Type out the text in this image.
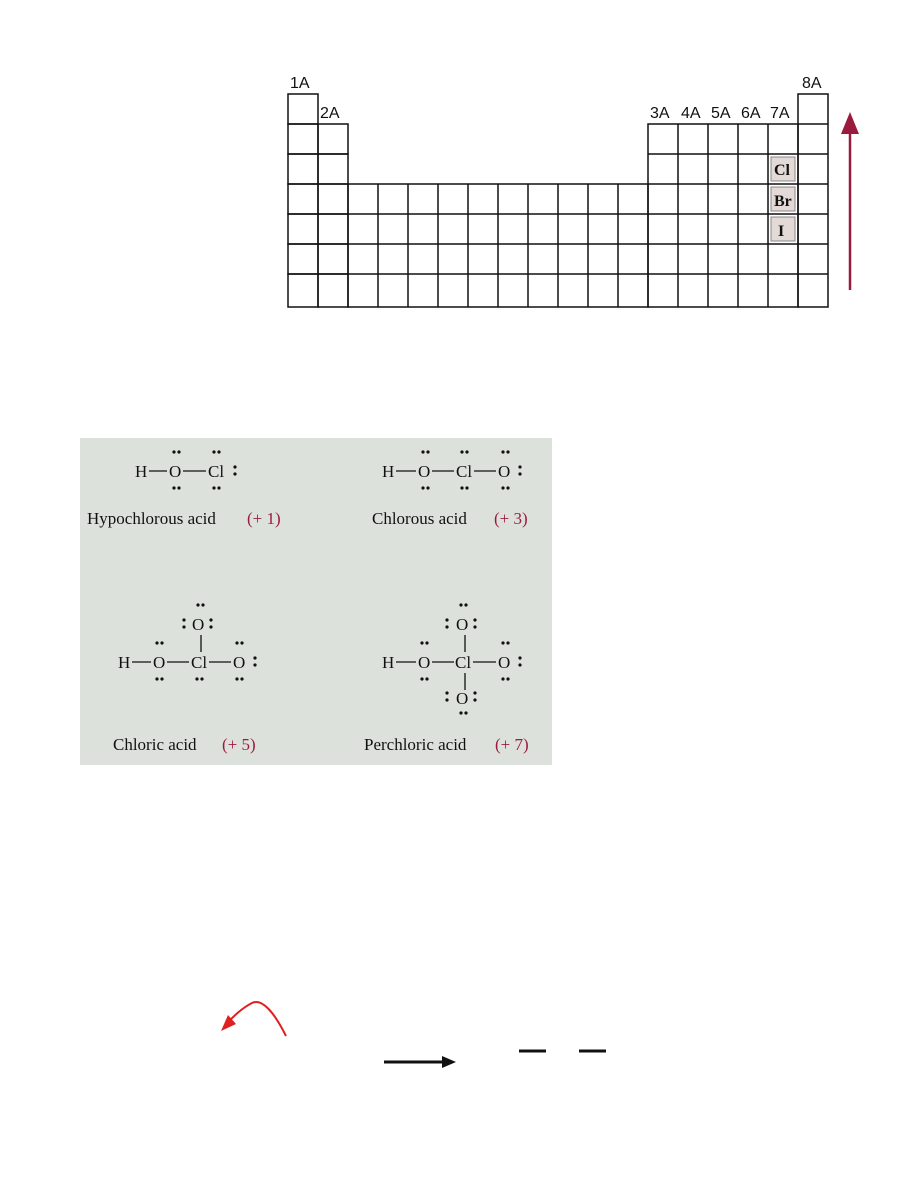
Cl
Br
I
1A
2A	3A 4A 5A 6A 7A
8A
H O Cl
Hypochlorous acid (+ 1)
H O Cl O
Chlorous acid (+ 3)
O
H O Cl O
Chloric acid (+ 5)
O
H O Cl O
O
Perchloric acid (+ 7)
